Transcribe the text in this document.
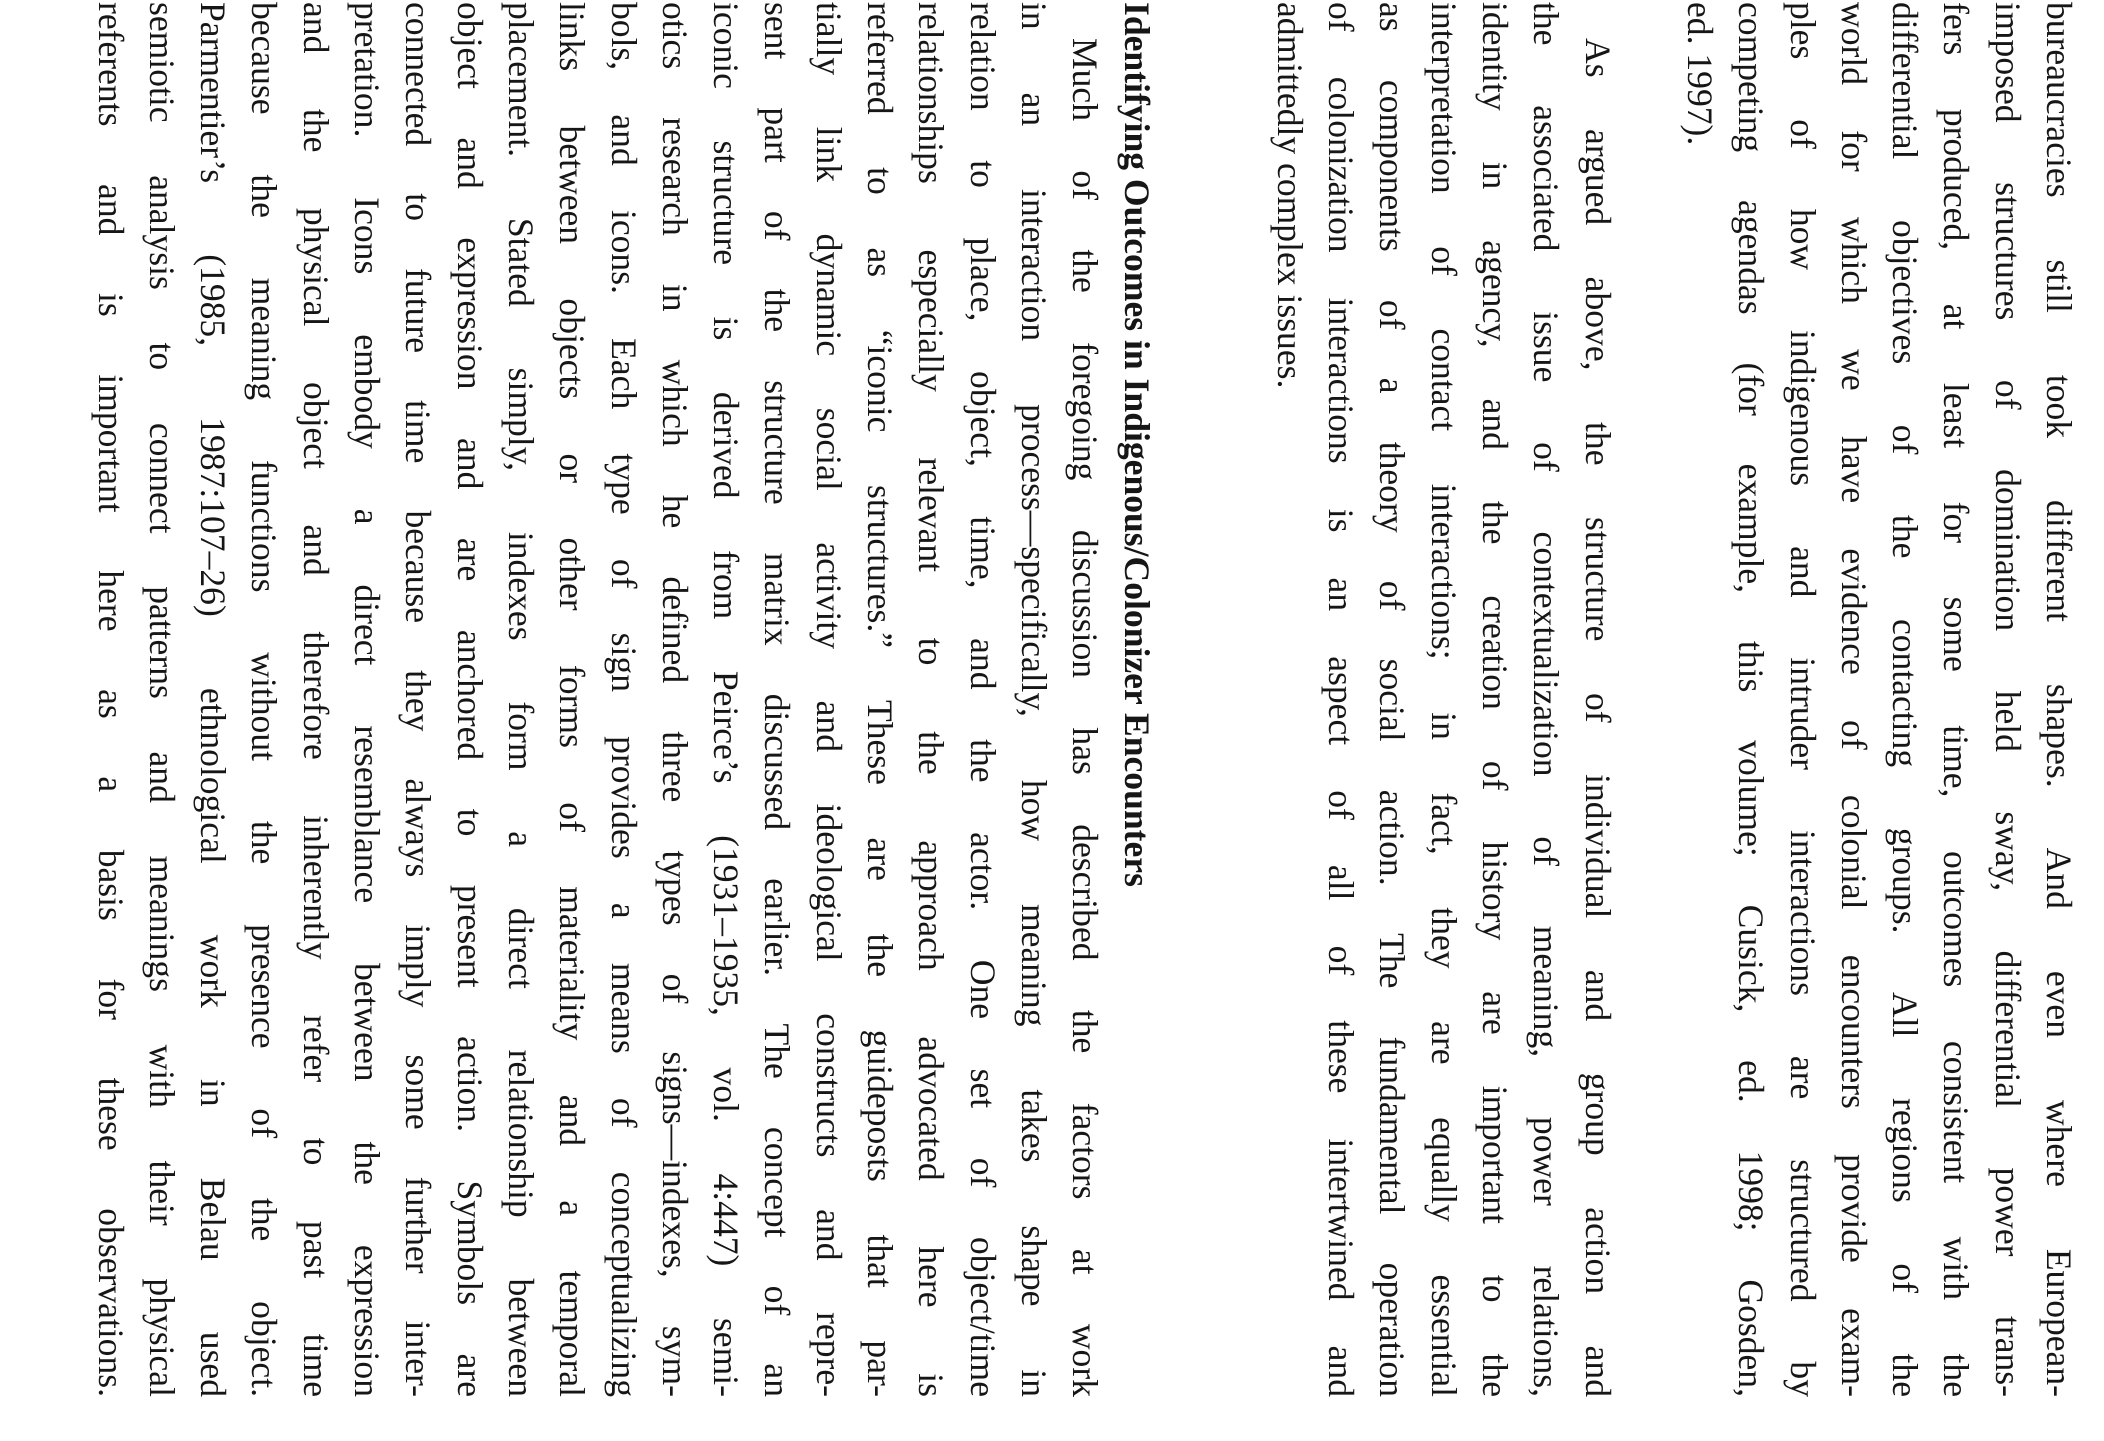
bureaucracies still took different shapes. And even where European-
imposed structures of domination held sway, differential power trans-
fers produced, at least for some time, outcomes consistent with the
differential objectives of the contacting groups. All regions of the
world for which we have evidence of colonial encounters provide exam-
ples of how indigenous and intruder interactions are structured by
competing agendas (for example, this volume; Cusick, ed. 1998; Gosden,
ed. 1997).
As argued above, the structure of individual and group action and
the associated issue of contextualization of meaning, power relations,
identity in agency, and the creation of history are important to the
interpretation of contact interactions; in fact, they are equally essential
as components of a theory of social action. The fundamental operation
of colonization interactions is an aspect of all of these intertwined and
admittedly complex issues.
Identifying Outcomes in Indigenous/Colonizer Encounters
Much of the foregoing discussion has described the factors at work
in an interaction process—specifically, how meaning takes shape in
relation to place, object, time, and the actor. One set of object/time
relationships especially relevant to the approach advocated here is
referred to as “iconic structures.” These are the guideposts that par-
tially link dynamic social activity and ideological constructs and repre-
sent part of the structure matrix discussed earlier. The concept of an
iconic structure is derived from Peirce’s (1931–1935, vol. 4:447) semi-
otics research in which he defined three types of signs—indexes, sym-
bols, and icons. Each type of sign provides a means of conceptualizing
links between objects or other forms of materiality and a temporal
placement. Stated simply, indexes form a direct relationship between
object and expression and are anchored to present action. Symbols are
connected to future time because they always imply some further inter-
pretation. Icons embody a direct resemblance between the expression
and the physical object and therefore inherently refer to past time
because the meaning functions without the presence of the object.
Parmentier’s (1985, 1987:107–26) ethnological work in Belau used
semiotic analysis to connect patterns and meanings with their physical
referents and is important here as a basis for these observations.
